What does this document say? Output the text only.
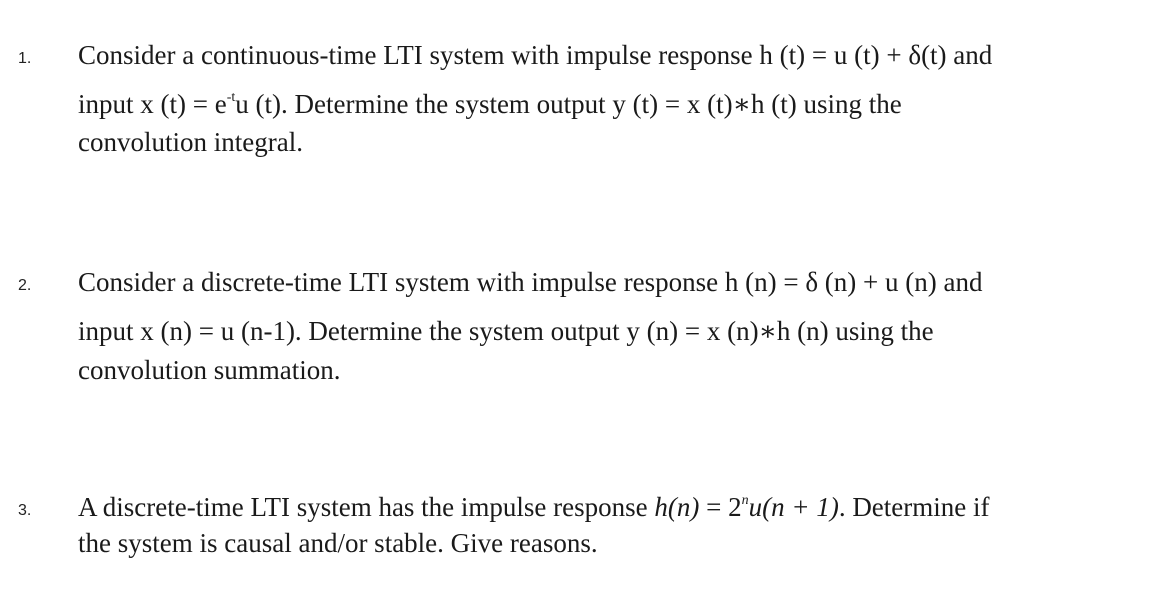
1. Consider a continuous-time LTI system with impulse response h (t) = u (t) + δ(t) and
input x $(t) = e^{-t}u$ (t). Determine the system output y (t) = x (t)∗h (t) using the
convolution integral.
2. Consider a discrete-time LTI system with impulse response h (n) = δ (n) + u (n) and
input x (n) = u (n-1). Determine the system output y (n) = x (n)∗h (n) using the
convolution summation.
3. A discrete-time LTI system has the impulse response $h(n) = 2^nu(n + 1)$. Determine if
the system is causal and/or stable. Give reasons.
